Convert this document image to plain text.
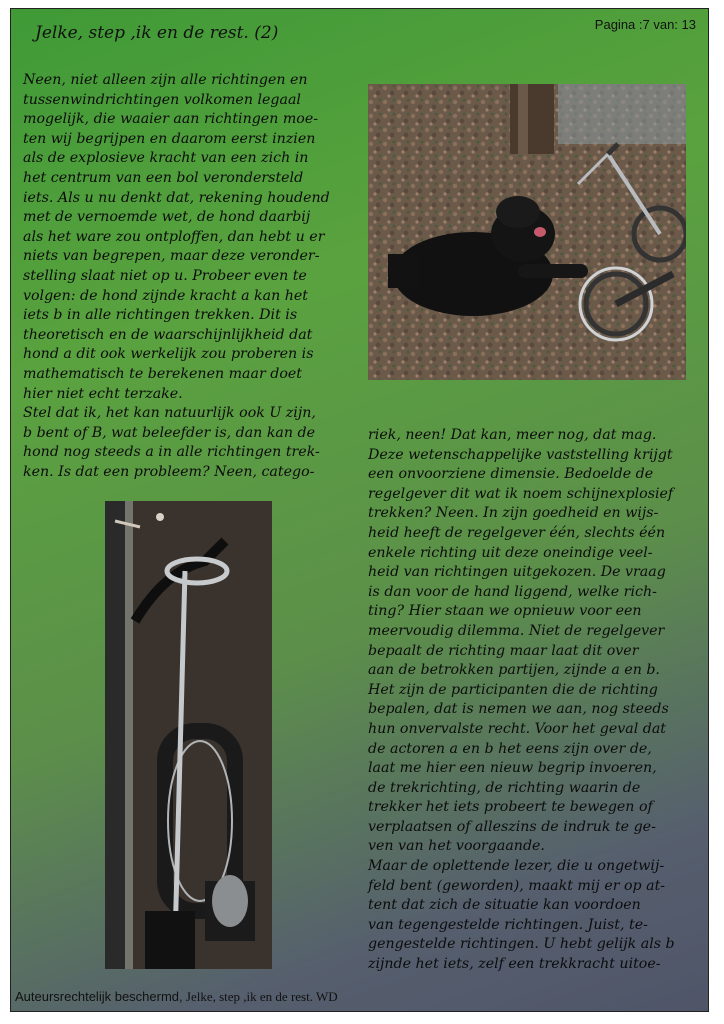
Jelke, step ,ik en de rest. (2)	Pagina :7 van: 13
Neen, niet alleen zijn alle richtingen en
tussenwindrichtingen volkomen legaal
mogelijk, die waaier aan richtingen moe-
ten wij begrijpen en daarom eerst inzien
als de explosieve kracht van een zich in
het centrum van een bol verondersteld
iets. Als u nu denkt dat, rekening houdend
met de vernoemde wet, de hond daarbij
als het ware zou ontploffen, dan hebt u er
niets van begrepen, maar deze veronder-
stelling slaat niet op u. Probeer even te
volgen: de hond zijnde kracht a kan het
iets b in alle richtingen trekken. Dit is
theoretisch en de waarschijnlijkheid dat
hond a dit ook werkelijk zou proberen is
mathematisch te berekenen maar doet
hier niet echt terzake.
Stel dat ik, het kan natuurlijk ook U zijn,
b bent of B, wat beleefder is, dan kan de
hond nog steeds a in alle richtingen trek-
ken. Is dat een probleem? Neen, catego-
riek, neen! Dat kan, meer nog, dat mag.
Deze wetenschappelijke vaststelling krijgt
een onvoorziene dimensie. Bedoelde de
regelgever dit wat ik noem schijnexplosief
trekken? Neen. In zijn goedheid en wijs-
heid heeft de regelgever één, slechts één
enkele richting uit deze oneindige veel-
heid van richtingen uitgekozen. De vraag
is dan voor de hand liggend, welke rich-
ting? Hier staan we opnieuw voor een
meervoudig dilemma. Niet de regelgever
bepaalt de richting maar laat dit over
aan de betrokken partijen, zijnde a en b.
Het zijn de participanten die de richting
bepalen, dat is nemen we aan, nog steeds
hun onvervalste recht. Voor het geval dat
de actoren a en b het eens zijn over de,
laat me hier een nieuw begrip invoeren,
de trekrichting, de richting waarin de
trekker het iets probeert te bewegen of
verplaatsen of alleszins de indruk te ge-
ven van het voorgaande.
Maar de oplettende lezer, die u ongetwij-
feld bent (geworden), maakt mij er op at-
tent dat zich de situatie kan voordoen
van tegengestelde richtingen. Juist, te-
gengestelde richtingen. U hebt gelijk als b
zijnde het iets, zelf een trekkracht uitoe-
Auteursrechtelijk beschermd, Jelke, step ,ik en de rest. WD
